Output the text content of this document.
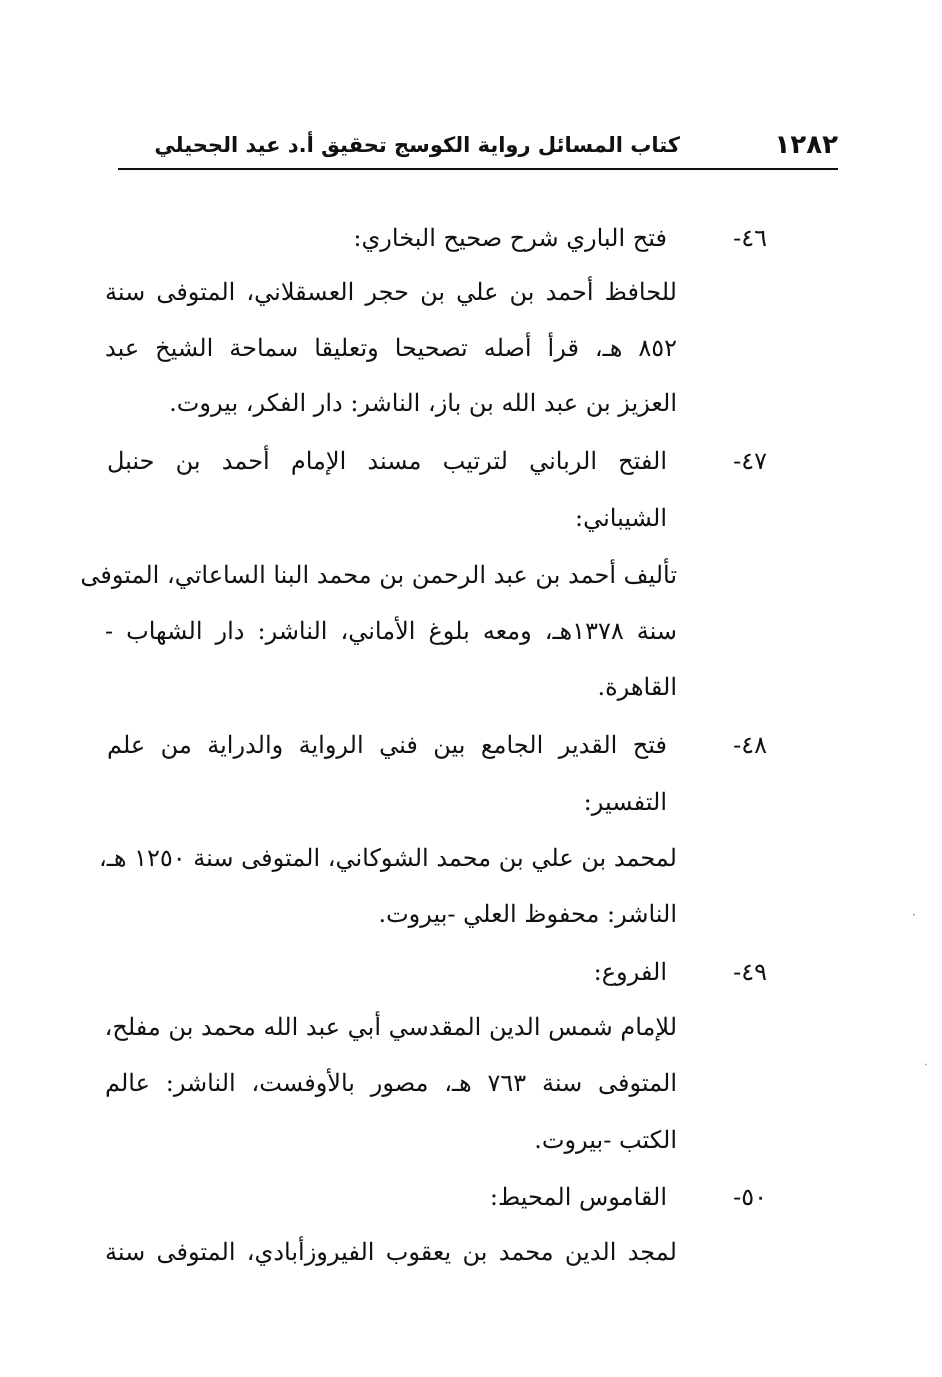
١٢٨٢
كتاب المسائل رواية الكوسج تحقيق أ.د عيد الجحيلي
٤٦-
فتح الباري شرح صحيح البخاري:
للحافظ أحمد بن علي بن حجر العسقلاني، المتوفى سنة
٨٥٢ هـ، قرأ أصله تصحيحا وتعليقا سماحة الشيخ عبد
العزيز بن عبد الله بن باز، الناشر: دار الفكر، بيروت.
٤٧-
الفتح الرباني لترتيب مسند الإمام أحمد بن حنبل
الشيباني:
تأليف أحمد بن عبد الرحمن بن محمد البنا الساعاتي، المتوفى
سنة ١٣٧٨هـ، ومعه بلوغ الأماني، الناشر: دار الشهاب -
القاهرة.
٤٨-
فتح القدير الجامع بين فني الرواية والدراية من علم
التفسير:
لمحمد بن علي بن محمد الشوكاني، المتوفى سنة ١٢٥٠ هـ،
الناشر: محفوظ العلي -بيروت.
٤٩-
الفروع:
للإمام شمس الدين المقدسي أبي عبد الله محمد بن مفلح،
المتوفى سنة ٧٦٣ هـ، مصور بالأوفست، الناشر: عالم
الكتب -بيروت.
٥٠-
القاموس المحيط:
لمجد الدين محمد بن يعقوب الفيروزأبادي، المتوفى سنة
·
ˏ
